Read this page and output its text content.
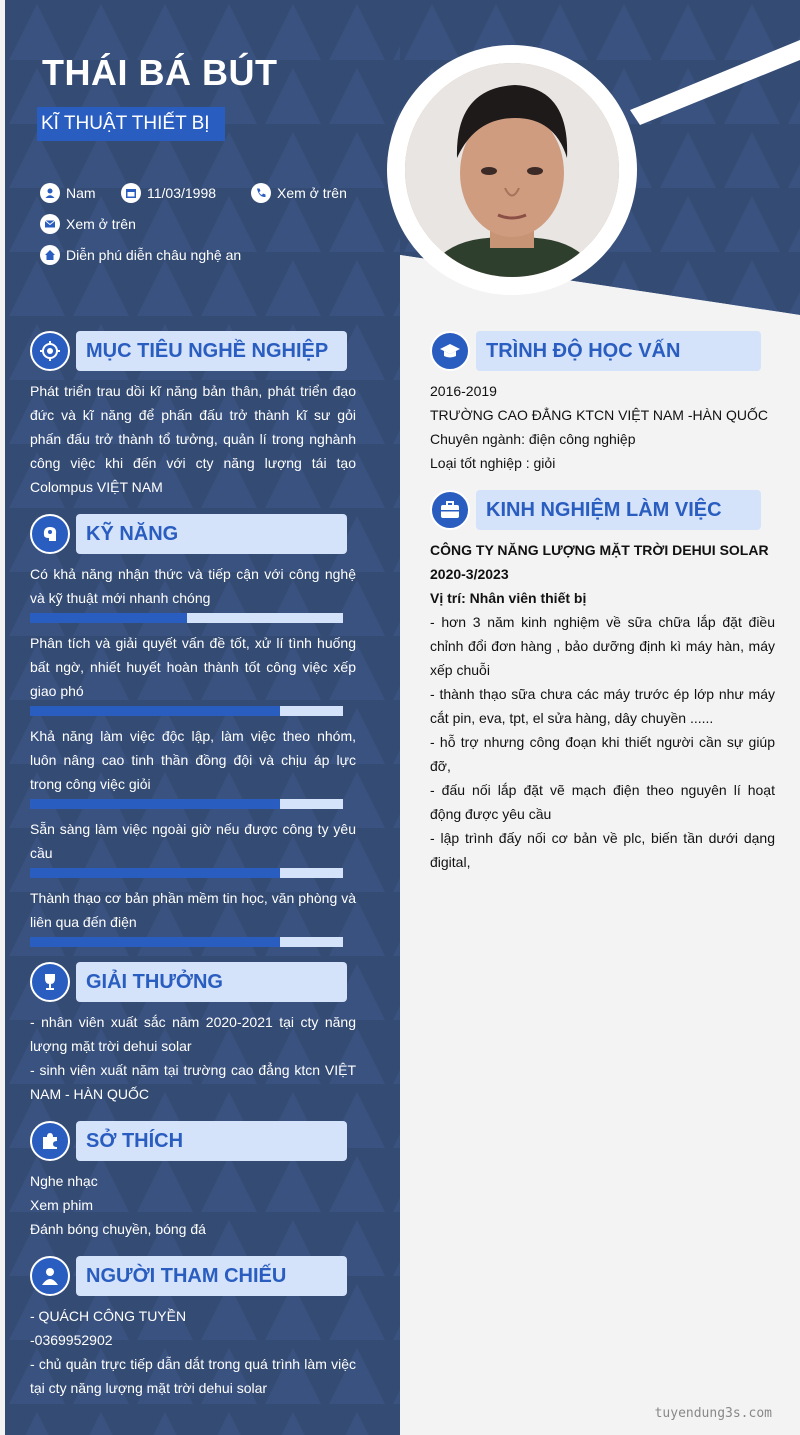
THÁI BÁ BÚT
KĨ THUẬT THIẾT BỊ
Nam	11/03/1998	Xem ở trên
Xem ở trên
Diễn phú diễn châu nghệ an
MỤC TIÊU NGHỀ NGHIỆP
Phát triển trau dồi kĩ năng bản thân, phát triển đạo đức và kĩ năng để phấn đấu trở thành kĩ sư gỏi phấn đấu trở thành tổ tưởng, quản lí trong nghành công việc khi đến với cty năng lượng tái tạo Colompus VIỆT NAM
KỸ NĂNG
Có khả năng nhận thức và tiếp cận với công nghệ và kỹ thuật mới nhanh chóng
Phân tích và giải quyết vấn đề tốt, xử lí tình huống bất ngờ, nhiết huyết hoàn thành tốt công việc xếp giao phó
Khả năng làm việc độc lập, làm việc theo nhóm, luôn nâng cao tinh thần đồng đội và chịu áp lực trong công việc giỏi
Sẵn sàng làm việc ngoài giờ nếu được công ty yêu cầu
Thành thạo cơ bản phần mềm tin học, văn phòng và liên qua đến điện
GIẢI THƯỞNG
- nhân viên xuất sắc năm 2020-2021 tại cty năng lượng mặt trời dehui solar
- sinh viên xuất năm tại trường cao đẳng ktcn VIỆT NAM - HÀN QUỐC
SỞ THÍCH
Nghe nhạc
Xem phim
Đánh bóng chuyền, bóng đá
NGƯỜI THAM CHIẾU
- QUÁCH CÔNG TUYỀN
-0369952902
- chủ quản trực tiếp dẫn dắt trong quá trình làm việc tại cty năng lượng mặt trời dehui solar
TRÌNH ĐỘ HỌC VẤN
2016-2019
TRƯỜNG CAO ĐẲNG KTCN VIỆT NAM -HÀN QUỐC
Chuyên ngành: điện công nghiệp
Loại tốt nghiệp : giỏi
KINH NGHIỆM LÀM VIỆC
CÔNG TY NĂNG LƯỢNG MẶT TRỜI DEHUI SOLAR
2020-3/2023
Vị trí: Nhân viên thiết bị
- hơn 3 năm kinh nghiệm về sữa chữa lắp đặt điều chỉnh đổi đơn hàng , bảo dưỡng định kì máy hàn, máy xếp chuỗi
- thành thạo sữa chưa các máy trước ép lớp như máy cắt pin, eva, tpt, el sửa hàng, dây chuyền ......
- hỗ trợ nhưng công đoạn khi thiết người cần sự giúp đỡ,
- đấu nối lắp đặt vẽ mạch điện theo nguyên lí hoạt động được yêu cầu
- lập trình đấy nối cơ bản về plc, biến tần dưới dạng đigital,
tuyendung3s.com
